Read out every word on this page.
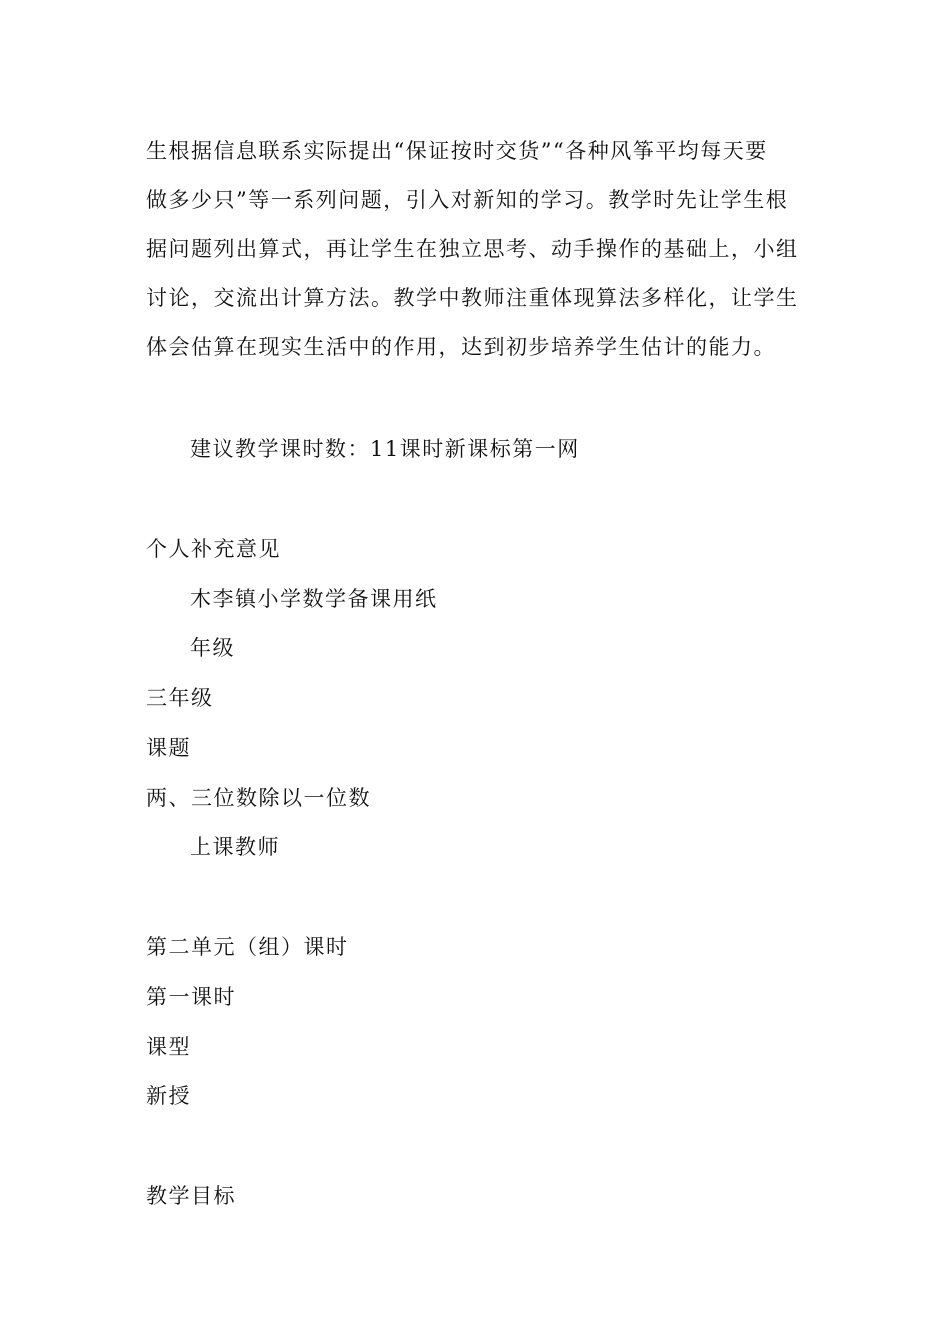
生根据信息联系实际提出“保证按时交货”“各种风筝平均每天要
做多少只”等一系列问题，引入对新知的学习。教学时先让学生根
据问题列出算式，再让学生在独立思考、动手操作的基础上，小组
讨论，交流出计算方法。教学中教师注重体现算法多样化，让学生
体会估算在现实生活中的作用，达到初步培养学生估计的能力。
建议教学课时数：11课时新课标第一网
个人补充意见
木李镇小学数学备课用纸
年级
三年级
课题
两、三位数除以一位数
上课教师
第二单元（组）课时
第一课时
课型
新授
教学目标
